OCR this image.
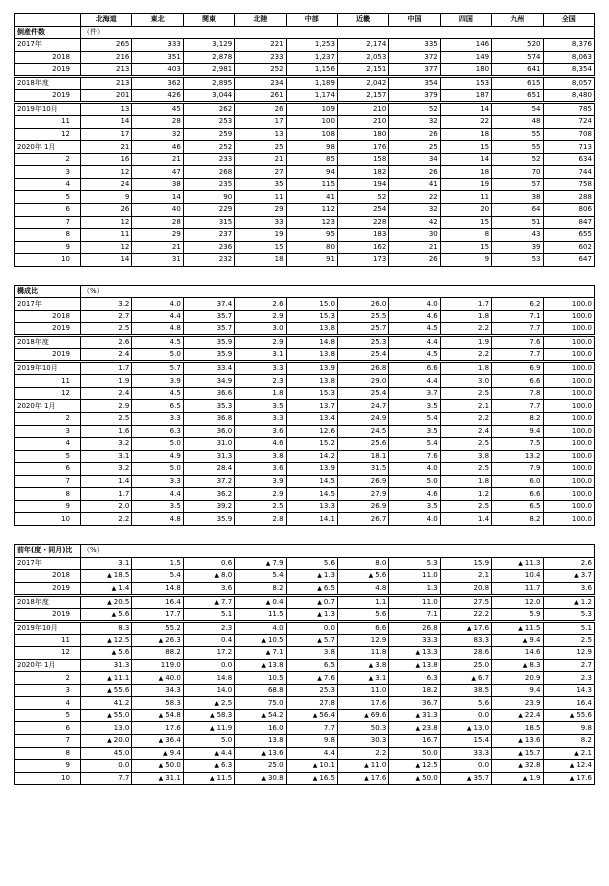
	北海道	東北	関東	北陸	中部	近畿	中国	四国	九州	全国
倒産件数	（件）									
2017年	265	333	3,129	221	1,253	2,174	335	146	520	8,376
2018	216	351	2,878	233	1,237	2,053	372	149	574	8,063
2019	213	403	2,981	252	1,156	2,151	377	180	641	8,354
2018年度	213	362	2,895	234	1,189	2,042	354	153	615	8,057
2019	201	426	3,044	261	1,174	2,157	379	187	651	8,480
2019年10月	13	45	262	26	109	210	52	14	54	785
11	14	28	253	17	100	210	32	22	48	724
12	17	32	259	13	108	180	26	18	55	708
2020年 1月	21	46	252	25	98	176	25	15	55	713
2	16	21	233	21	85	158	34	14	52	634
3	12	47	268	27	94	182	26	18	70	744
4	24	38	235	35	115	194	41	19	57	758
5	9	14	90	11	41	52	22	11	38	288
6	26	40	229	29	112	254	32	20	64	806
7	12	28	315	33	123	228	42	15	51	847
8	11	29	237	19	95	183	30	8	43	655
9	12	21	236	15	80	162	21	15	39	602
10	14	31	232	18	91	173	26	9	53	647
構成比	（%）									
2017年	3.2	4.0	37.4	2.6	15.0	26.0	4.0	1.7	6.2	100.0
2018	2.7	4.4	35.7	2.9	15.3	25.5	4.6	1.8	7.1	100.0
2019	2.5	4.8	35.7	3.0	13.8	25.7	4.5	2.2	7.7	100.0
2018年度	2.6	4.5	35.9	2.9	14.8	25.3	4.4	1.9	7.6	100.0
2019	2.4	5.0	35.9	3.1	13.8	25.4	4.5	2.2	7.7	100.0
2019年10月	1.7	5.7	33.4	3.3	13.9	26.8	6.6	1.8	6.9	100.0
11	1.9	3.9	34.9	2.3	13.8	29.0	4.4	3.0	6.6	100.0
12	2.4	4.5	36.6	1.8	15.3	25.4	3.7	2.5	7.8	100.0
2020年 1月	2.9	6.5	35.3	3.5	13.7	24.7	3.5	2.1	7.7	100.0
2	2.5	3.3	36.8	3.3	13.4	24.9	5.4	2.2	8.2	100.0
3	1.6	6.3	36.0	3.6	12.6	24.5	3.5	2.4	9.4	100.0
4	3.2	5.0	31.0	4.6	15.2	25.6	5.4	2.5	7.5	100.0
5	3.1	4.9	31.3	3.8	14.2	18.1	7.6	3.8	13.2	100.0
6	3.2	5.0	28.4	3.6	13.9	31.5	4.0	2.5	7.9	100.0
7	1.4	3.3	37.2	3.9	14.5	26.9	5.0	1.8	6.0	100.0
8	1.7	4.4	36.2	2.9	14.5	27.9	4.6	1.2	6.6	100.0
9	2.0	3.5	39.2	2.5	13.3	26.9	3.5	2.5	6.5	100.0
10	2.2	4.8	35.9	2.8	14.1	26.7	4.0	1.4	8.2	100.0
前年(度・同月)比	（%）									
2017年	3.1	1.5	0.6	▲ 7.9	5.6	8.0	5.3	15.9	▲ 11.3	2.6
2018	▲ 18.5	5.4	▲ 8.0	5.4	▲ 1.3	▲ 5.6	11.0	2.1	10.4	▲ 3.7
2019	▲ 1.4	14.8	3.6	8.2	▲ 6.5	4.8	1.3	20.8	11.7	3.6
2018年度	▲ 20.5	16.4	▲ 7.7	▲ 0.4	▲ 0.7	1.1	11.0	27.5	12.0	▲ 1.2
2019	▲ 5.6	17.7	5.1	11.5	▲ 1.3	5.6	7.1	22.2	5.9	5.3
2019年10月	8.3	55.2	2.3	4.0	0.0	6.6	26.8	▲ 17.6	▲ 11.5	5.1
11	▲ 12.5	▲ 26.3	0.4	▲ 10.5	▲ 5.7	12.9	33.3	83.3	▲ 9.4	2.5
12	▲ 5.6	88.2	17.2	▲ 7.1	3.8	11.8	▲ 13.3	28.6	14.6	12.9
2020年 1月	31.3	119.0	0.0	▲ 13.8	6.5	▲ 3.8	▲ 13.8	25.0	▲ 8.3	2.7
2	▲ 11.1	▲ 40.0	14.8	10.5	▲ 7.6	▲ 3.1	6.3	▲ 6.7	20.9	2.3
3	▲ 55.6	34.3	14.0	68.8	25.3	11.0	18.2	38.5	9.4	14.3
4	41.2	58.3	▲ 2.5	75.0	27.8	17.6	36.7	5.6	23.9	16.4
5	▲ 55.0	▲ 54.8	▲ 58.3	▲ 54.2	▲ 56.4	▲ 69.6	▲ 31.3	0.0	▲ 22.4	▲ 55.6
6	13.0	17.6	▲ 11.9	16.0	7.7	50.3	▲ 23.8	▲ 13.0	18.5	9.8
7	▲ 20.0	▲ 36.4	5.0	13.8	9.8	30.3	16.7	15.4	▲ 13.6	8.2
8	45.0	▲ 9.4	▲ 4.4	▲ 13.6	4.4	2.2	50.0	33.3	▲ 15.7	▲ 2.1
9	0.0	▲ 50.0	▲ 6.3	25.0	▲ 10.1	▲ 11.0	▲ 12.5	0.0	▲ 32.8	▲ 12.4
10	7.7	▲ 31.1	▲ 11.5	▲ 30.8	▲ 16.5	▲ 17.6	▲ 50.0	▲ 35.7	▲ 1.9	▲ 17.6
